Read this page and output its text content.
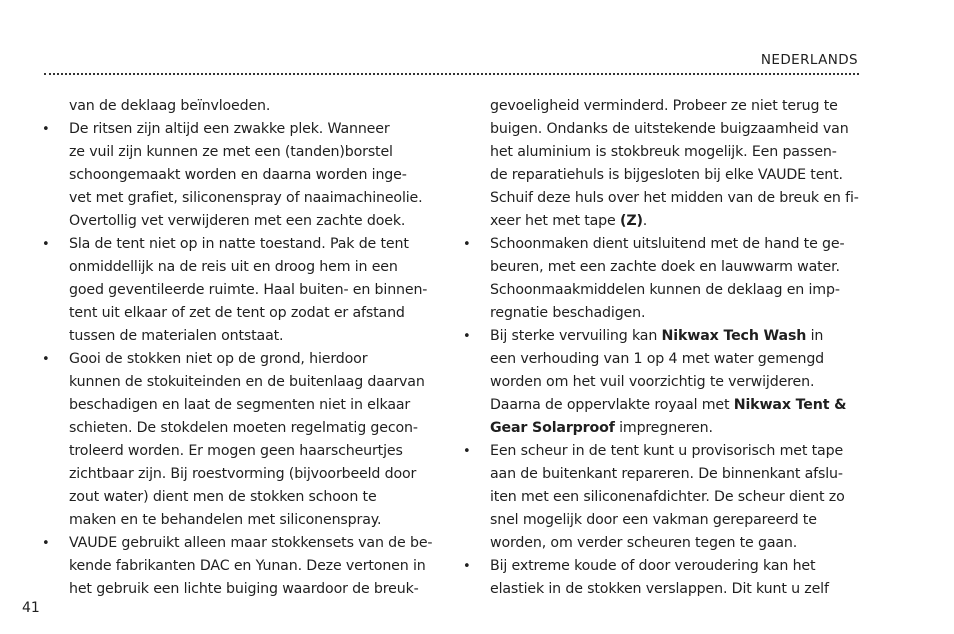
NEDERLANDS
van de deklaag beïnvloeden.
• De ritsen zijn altijd een zwakke plek. Wanneer
ze vuil zijn kunnen ze met een (tanden)borstel
schoongemaakt worden en daarna worden inge-
vet met grafiet, siliconenspray of naaimachineolie.
Overtollig vet verwijderen met een zachte doek.
• Sla de tent niet op in natte toestand. Pak de tent
onmiddellijk na de reis uit en droog hem in een
goed geventileerde ruimte. Haal buiten- en binnen-
tent uit elkaar of zet de tent op zodat er afstand
tussen de materialen ontstaat.
• Gooi de stokken niet op de grond, hierdoor
kunnen de stokuiteinden en de buitenlaag daarvan
beschadigen en laat de segmenten niet in elkaar
schieten. De stokdelen moeten regelmatig gecon-
troleerd worden. Er mogen geen haarscheurtjes
zichtbaar zijn. Bij roestvorming (bijvoorbeeld door
zout water) dient men de stokken schoon te
maken en te behandelen met siliconenspray.
• VAUDE gebruikt alleen maar stokkensets van de be-
kende fabrikanten DAC en Yunan. Deze vertonen in
het gebruik een lichte buiging waardoor de breuk-
gevoeligheid verminderd. Probeer ze niet terug te
buigen. Ondanks de uitstekende buigzaamheid van
het aluminium is stokbreuk mogelijk. Een passen-
de reparatiehuls is bijgesloten bij elke VAUDE tent.
Schuif deze huls over het midden van de breuk en fi-
xeer het met tape (Z).
• Schoonmaken dient uitsluitend met de hand te ge-
beuren, met een zachte doek en lauwwarm water.
Schoonmaakmiddelen kunnen de deklaag en imp-
regnatie beschadigen.
• Bij sterke vervuiling kan Nikwax Tech Wash in
een verhouding van 1 op 4 met water gemengd
worden om het vuil voorzichtig te verwijderen.
Daarna de oppervlakte royaal met Nikwax Tent &
Gear Solarproof impregneren.
• Een scheur in de tent kunt u provisorisch met tape
aan de buitenkant repareren. De binnenkant afslu-
iten met een siliconenafdichter. De scheur dient zo
snel mogelijk door een vakman gerepareerd te
worden, om verder scheuren tegen te gaan.
• Bij extreme koude of door veroudering kan het
elastiek in de stokken verslappen. Dit kunt u zelf
41
